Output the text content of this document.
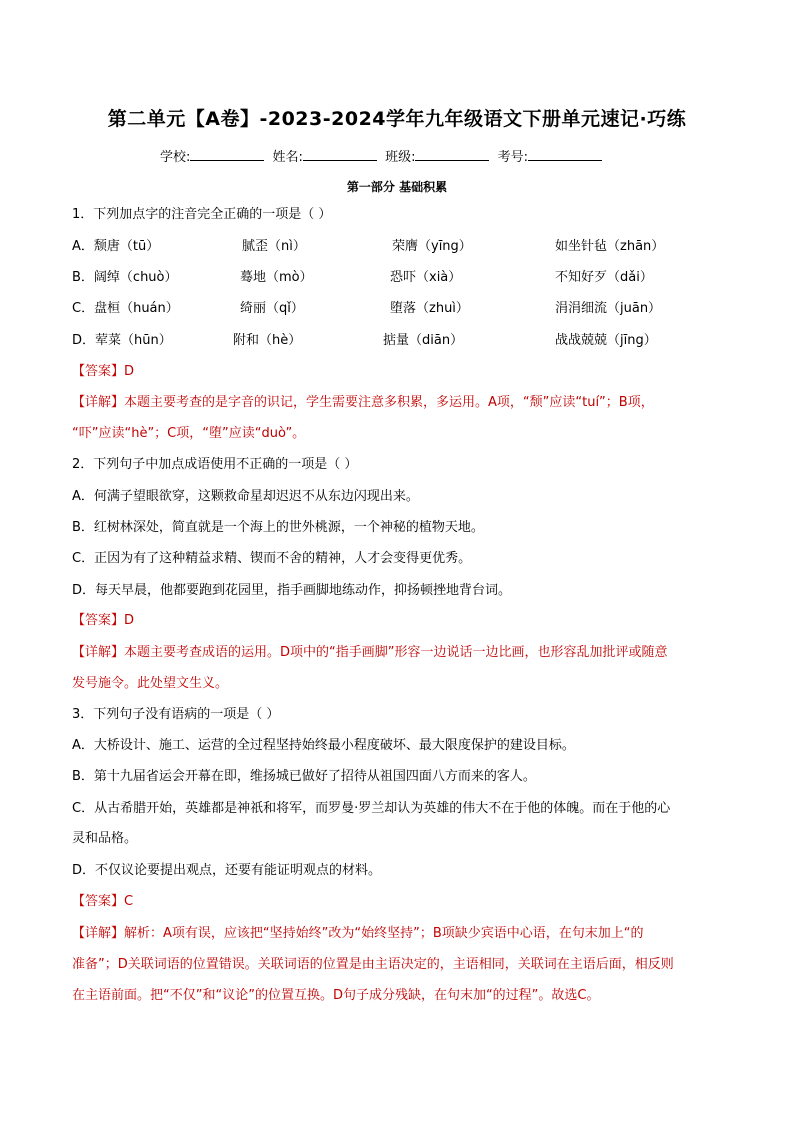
第二单元【A卷】-2023-2024学年九年级语文下册单元速记·巧练
学校:	姓名:	班级:	考号:
第一部分 基础积累
1．下列加点字的注音完全正确的一项是（ ）
A．颓唐（tū）	腻歪（nì）	荣膺（yīng）	如坐针毡（zhān）
B．阔绰（chuò）	蓦地（mò）	恐吓（xià）	不知好歹（dǎi）
C．盘桓（huán）	绮丽（qǐ）	堕落（zhuì）	涓涓细流（juān）
D．荤菜（hūn）	附和（hè）	掂量（diān）	战战兢兢（jīng）
【答案】D
【详解】本题主要考查的是字音的识记，学生需要注意多积累，多运用。A项，“颓”应读“tuí”；B项，
“吓”应读“hè”；C项，“堕”应读“duò”。
2．下列句子中加点成语使用不正确的一项是（ ）
A．何满子望眼欲穿，这颗救命星却迟迟不从东边闪现出来。
B．红树林深处，简直就是一个海上的世外桃源，一个神秘的植物天地。
C．正因为有了这种精益求精、锲而不舍的精神，人才会变得更优秀。
D．每天早晨，他都要跑到花园里，指手画脚地练动作，抑扬顿挫地背台词。
【答案】D
【详解】本题主要考查成语的运用。D项中的“指手画脚”形容一边说话一边比画，也形容乱加批评或随意
发号施令。此处望文生义。
3．下列句子没有语病的一项是（ ）
A．大桥设计、施工、运营的全过程坚持始终最小程度破坏、最大限度保护的建设目标。
B．第十九届省运会开幕在即，维扬城已做好了招待从祖国四面八方而来的客人。
C．从古希腊开始，英雄都是神祇和将军，而罗曼·罗兰却认为英雄的伟大不在于他的体魄。而在于他的心
灵和品格。
D．不仅议论要提出观点，还要有能证明观点的材料。
【答案】C
【详解】解析：A项有误，应该把“坚持始终”改为“始终坚持”；B项缺少宾语中心语，在句末加上“的
准备”；D关联词语的位置错误。关联词语的位置是由主语决定的，主语相同，关联词在主语后面，相反则
在主语前面。把“不仅”和“议论”的位置互换。D句子成分残缺，在句末加“的过程”。故选C。
